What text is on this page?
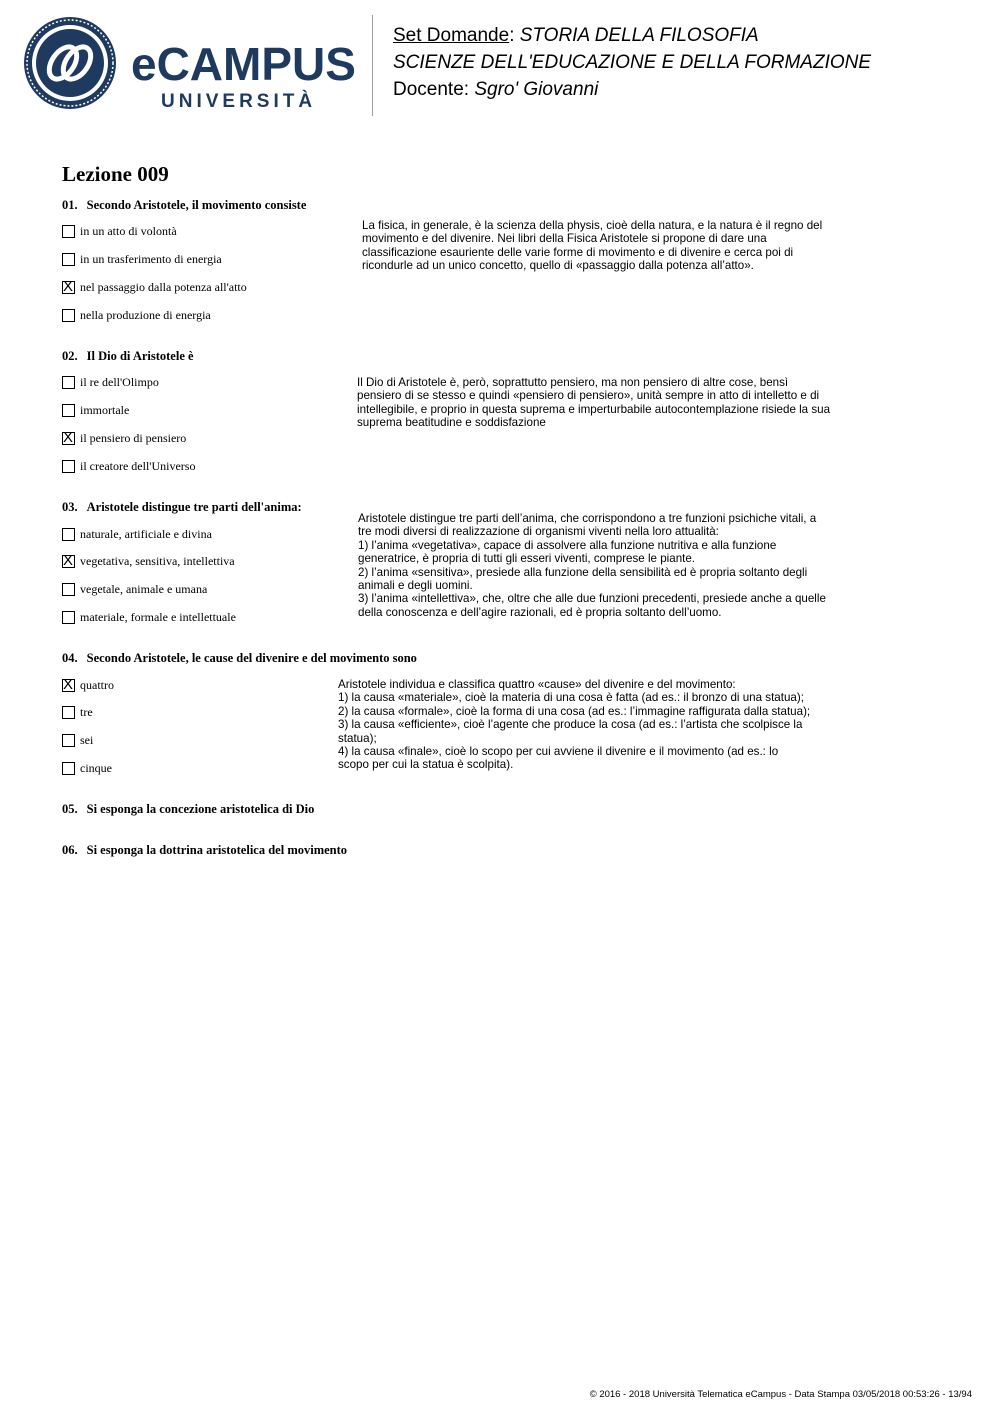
eCAMPUS
UNIVERSITÀ
Set Domande: STORIA DELLA FILOSOFIA
SCIENZE DELL'EDUCAZIONE E DELLA FORMAZIONE
Docente: Sgro' Giovanni
Lezione 009
01. Secondo Aristotele, il movimento consiste
in un atto di volontà
in un trasferimento di energia
X nel passaggio dalla potenza all'atto
nella produzione di energia
La fisica, in generale, è la scienza della physis, cioè della natura, e la natura è il regno del
movimento e del divenire. Nei libri della Fisica Aristotele si propone di dare una
classificazione esauriente delle varie forme di movimento e di divenire e cerca poi di
ricondurle ad un unico concetto, quello di «passaggio dalla potenza all’atto».
02. Il Dio di Aristotele è
il re dell'Olimpo
immortale
X il pensiero di pensiero
il creatore dell'Universo
Il Dio di Aristotele è, però, soprattutto pensiero, ma non pensiero di altre cose, bensì
pensiero di se stesso e quindi «pensiero di pensiero», unità sempre in atto di intelletto e di
intellegibile, e proprio in questa suprema e imperturbabile autocontemplazione risiede la sua
suprema beatitudine e soddisfazione
03. Aristotele distingue tre parti dell'anima:
naturale, artificiale e divina
X vegetativa, sensitiva, intellettiva
vegetale, animale e umana
materiale, formale e intellettuale
Aristotele distingue tre parti dell’anima, che corrispondono a tre funzioni psichiche vitali, a
tre modi diversi di realizzazione di organismi viventi nella loro attualità:
1) l’anima «vegetativa», capace di assolvere alla funzione nutritiva e alla funzione
generatrice, è propria di tutti gli esseri viventi, comprese le piante.
2) l’anima «sensitiva», presiede alla funzione della sensibilità ed è propria soltanto degli
animali e degli uomini.
3) l’anima «intellettiva», che, oltre che alle due funzioni precedenti, presiede anche a quelle
della conoscenza e dell’agire razionali, ed è propria soltanto dell’uomo.
04. Secondo Aristotele, le cause del divenire e del movimento sono
X quattro
tre
sei
cinque
Aristotele individua e classifica quattro «cause» del divenire e del movimento:
1) la causa «materiale», cioè la materia di una cosa è fatta (ad es.: il bronzo di una statua);
2) la causa «formale», cioè la forma di una cosa (ad es.: l’immagine raffigurata dalla statua);
3) la causa «efficiente», cioè l’agente che produce la cosa (ad es.: l’artista che scolpisce la
statua);
4) la causa «finale», cioè lo scopo per cui avviene il divenire e il movimento (ad es.: lo
scopo per cui la statua è scolpita).
05. Si esponga la concezione aristotelica di Dio
06. Si esponga la dottrina aristotelica del movimento
© 2016 - 2018 Università Telematica eCampus - Data Stampa 03/05/2018 00:53:26 - 13/94
